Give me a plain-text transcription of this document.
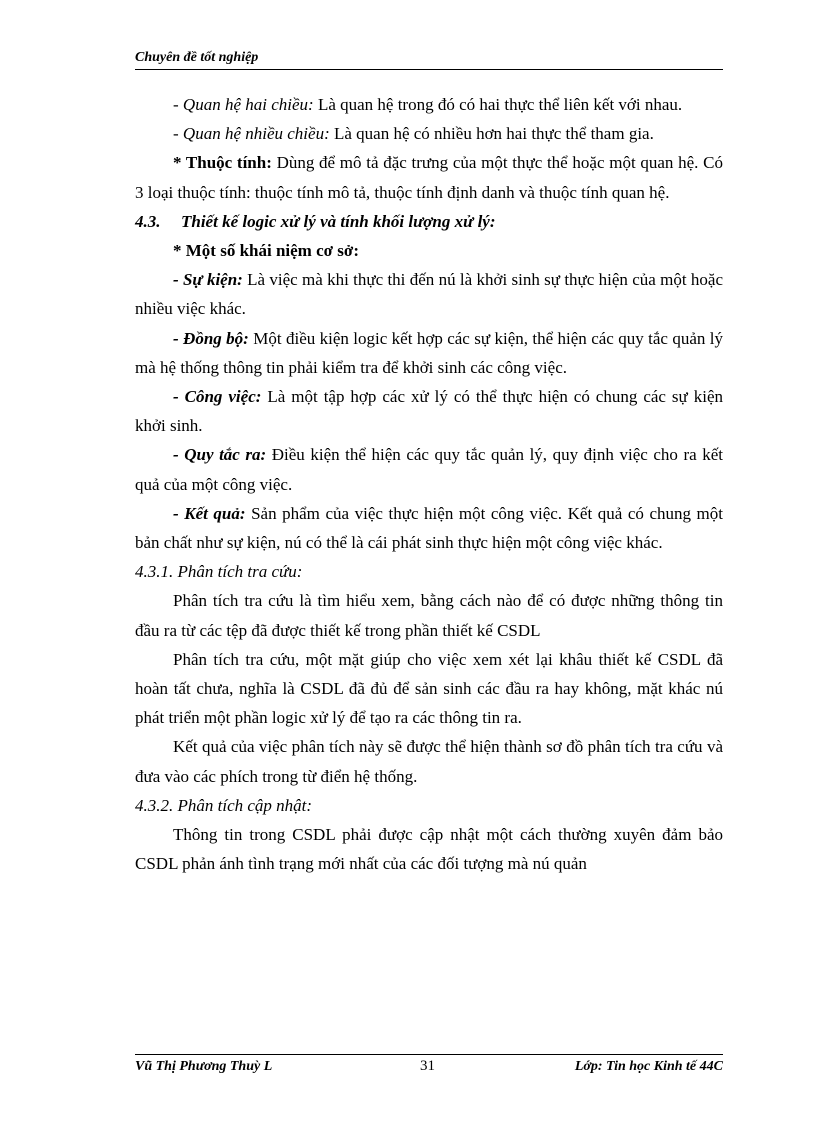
Chuyên đề tốt nghiệp

- Quan hệ hai chiều: Là quan hệ trong đó có hai thực thể liên kết với nhau.

- Quan hệ nhiều chiều: Là quan hệ có nhiều hơn hai thực thể tham gia.

* Thuộc tính: Dùng để mô tả đặc trưng của một thực thể hoặc một quan hệ. Có 3 loại thuộc tính: thuộc tính mô tả, thuộc tính định danh và thuộc tính quan hệ.

4.3. Thiết kế logic xử lý và tính khối lượng xử lý:

* Một số khái niệm cơ sở:

- Sự kiện: Là việc mà khi thực thi đến nú là khởi sinh sự thực hiện của một hoặc nhiều việc khác.

- Đồng bộ: Một điều kiện logic kết hợp các sự kiện, thể hiện các quy tắc quản lý mà hệ thống thông tin phải kiểm tra để khởi sinh các công việc.

- Công việc: Là một tập hợp các xử lý có thể thực hiện có chung các sự kiện khởi sinh.

- Quy tắc ra: Điều kiện thể hiện các quy tắc quản lý, quy định việc cho ra kết quả của một công việc.

- Kết quả: Sản phẩm của việc thực hiện một công việc. Kết quả có chung một bản chất như sự kiện, nú có thể là cái phát sinh thực hiện một công việc khác.

4.3.1. Phân tích tra cứu:

Phân tích tra cứu là tìm hiểu xem, bằng cách nào để có được những thông tin đầu ra từ các tệp đã được thiết kế trong phần thiết kế CSDL

Phân tích tra cứu, một mặt giúp cho việc xem xét lại khâu thiết kế CSDL đã hoàn tất chưa, nghĩa là CSDL đã đủ để sản sinh các đầu ra hay không, mặt khác nú phát triển một phần logic xử lý để tạo ra các thông tin ra.

Kết quả của việc phân tích này sẽ được thể hiện thành sơ đồ phân tích tra cứu và đưa vào các phích trong từ điển hệ thống.

4.3.2. Phân tích cập nhật:

Thông tin trong CSDL phải được cập nhật một cách thường xuyên đảm bảo CSDL phản ánh tình trạng mới nhất của các đối tượng mà nú quản

Vũ Thị Phương Thuỳ L	31	Lớp: Tin học Kinh tế 44C
